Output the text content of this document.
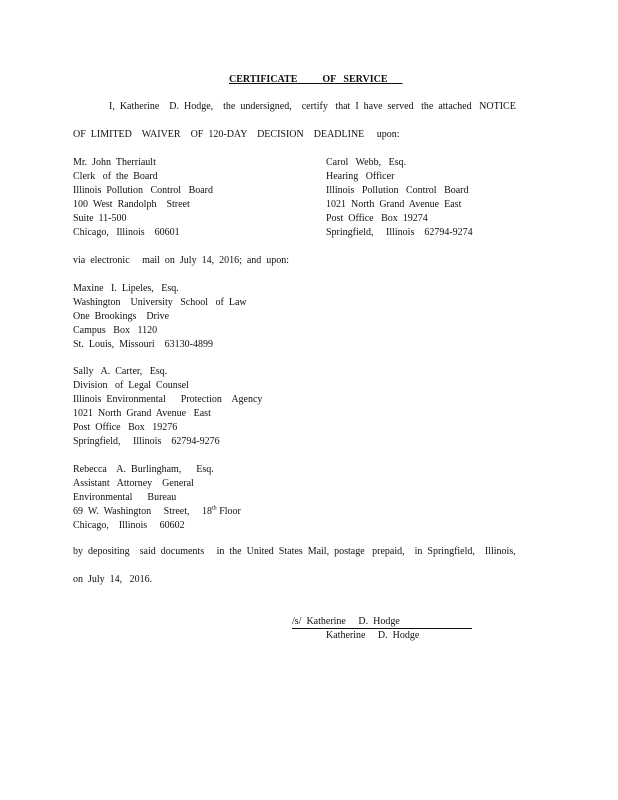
CERTIFICATE          OF   SERVICE
I,  Katherine    D.  Hodge,    the  undersigned,    certify   that  I  have  served   the  attached   NOTICE
OF  LIMITED    WAIVER    OF  120-DAY    DECISION    DEADLINE     upon:
Mr.  John  Therriault
Clerk   of  the  Board
Illinois  Pollution   Control   Board
100  West  Randolph    Street
Suite  11-500
Chicago,   Illinois    60601
Carol   Webb,   Esq.
Hearing   Officer
Illinois   Pollution   Control   Board
1021  North  Grand  Avenue  East
Post  Office   Box  19274
Springfield,     Illinois    62794-9274
via  electronic     mail  on  July  14,  2016;  and  upon:
Maxine   I.  Lipeles,   Esq.
Washington    University   School   of  Law
One  Brookings    Drive
Campus   Box   1120
St.  Louis,  Missouri    63130-4899
Sally   A.  Carter,   Esq.
Division   of  Legal  Counsel
Illinois  Environmental      Protection    Agency
1021  North  Grand  Avenue   East
Post  Office   Box   19276
Springfield,     Illinois    62794-9276
Rebecca    A.  Burlingham,      Esq.
Assistant   Attorney    General
Environmental      Bureau
69  W.  Washington     Street,     18th Floor
Chicago,    Illinois     60602
by  depositing    said  documents     in  the  United  States  Mail,  postage   prepaid,    in  Springfield,    Illinois,
on  July  14,   2016.
/s/  Katherine     D.  Hodge
Katherine     D.  Hodge
